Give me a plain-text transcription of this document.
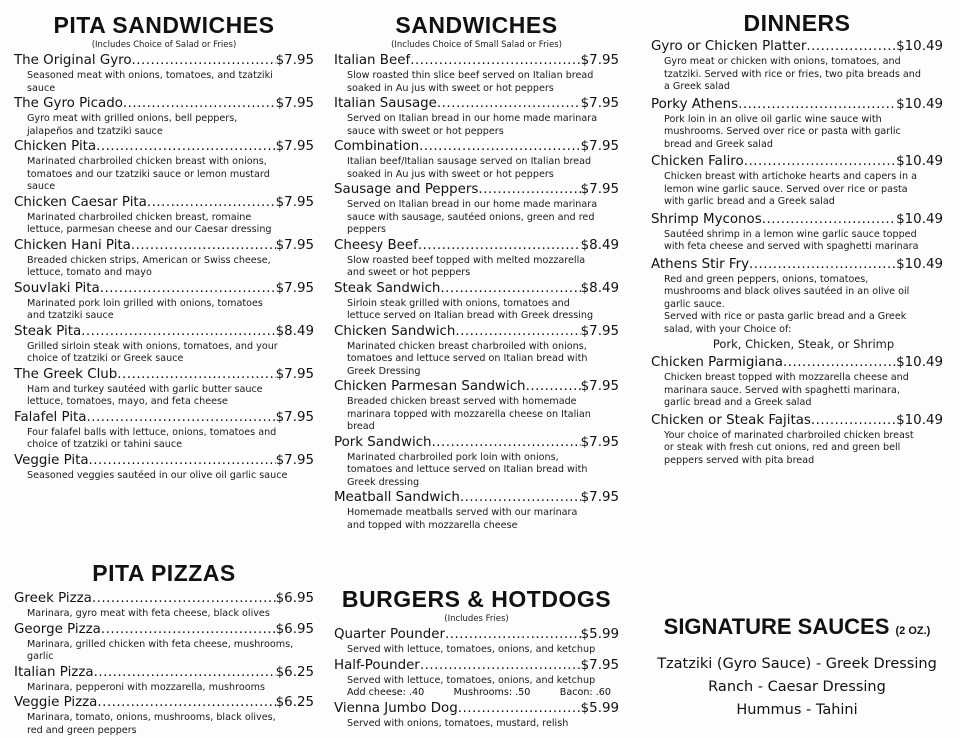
PITA SANDWICHES
(Includes Choice of Salad or Fries)
The Original Gyro .....	$7.95

Seasoned meat with onions, tomatoes, and tzatziki

sauce

The Gyro Picado .....	$7.95

Gyro meat with grilled onions, bell peppers,

jalapeños and tzatziki sauce

Chicken Pita .....	$7.95

Marinated charbroiled chicken breast with onions,

tomatoes and our tzatziki sauce or lemon mustard

sauce

Chicken Caesar Pita .....	$7.95

Marinated charbroiled chicken breast, romaine

lettuce, parmesan cheese and our Caesar dressing

Chicken Hani Pita .....	$7.95

Breaded chicken strips, American or Swiss cheese,

lettuce, tomato and mayo

Souvlaki Pita .....	$7.95

Marinated pork loin grilled with onions, tomatoes

and tzatziki sauce

Steak Pita .....	$8.49

Grilled sirloin steak with onions, tomatoes, and your

choice of tzatziki or Greek sauce

The Greek Club .....	$7.95

Ham and turkey sautéed with garlic butter sauce

lettuce, tomatoes, mayo, and feta cheese

Falafel Pita .....	$7.95

Four falafel balls with lettuce, onions, tomatoes and

choice of tzatziki or tahini sauce

Veggie Pita .....	$7.95

Seasoned veggies sautéed in our olive oil garlic sauce

PITA PIZZAS
Greek Pizza .....	$6.95

Marinara, gyro meat with feta cheese, black olives

George Pizza .....	$6.95

Marinara, grilled chicken with feta cheese, mushrooms,

garlic

Italian Pizza .....	$6.25

Marinara, pepperoni with mozzarella, mushrooms

Veggie Pizza .....	$6.25

Marinara, tomato, onions, mushrooms, black olives,

red and green peppers

SANDWICHES
(Includes Choice of Small Salad or Fries)
Italian Beef .....	$7.95

Slow roasted thin slice beef served on Italian bread

soaked in Au jus with sweet or hot peppers

Italian Sausage .....	$7.95

Served on Italian bread in our home made marinara

sauce with sweet or hot peppers

Combination .....	$7.95

Italian beef/Italian sausage served on Italian bread

soaked in Au jus with sweet or hot peppers

Sausage and Peppers .....	$7.95

Served on Italian bread in our home made marinara

sauce with sausage, sautéed onions, green and red

peppers

Cheesy Beef .....	$8.49

Slow roasted beef topped with melted mozzarella

and sweet or hot peppers

Steak Sandwich .....	$8.49

Sirloin steak grilled with onions, tomatoes and

lettuce served on Italian bread with Greek dressing

Chicken Sandwich .....	$7.95

Marinated chicken breast charbroiled with onions,

tomatoes and lettuce served on Italian bread with

Greek Dressing

Chicken Parmesan Sandwich .....	$7.95

Breaded chicken breast served with homemade

marinara topped with mozzarella cheese on Italian

bread

Pork Sandwich .....	$7.95

Marinated charbroiled pork loin with onions,

tomatoes and lettuce served on Italian bread with

Greek dressing

Meatball Sandwich .....	$7.95

Homemade meatballs served with our marinara

and topped with mozzarella cheese

BURGERS & HOTDOGS
(Includes Fries)
Quarter Pounder .....	$5.99

Served with lettuce, tomatoes, onions, and ketchup

Half-Pounder .....	$7.95

Served with lettuce, tomatoes, onions, and ketchup

Add cheese: .40	Mushrooms: .50	Bacon: .60
Vienna Jumbo Dog .....	$5.99

Served with onions, tomatoes, mustard, relish

DINNERS
Gyro or Chicken Platter .....	$10.49

Gyro meat or chicken with onions, tomatoes, and

tzatziki. Served with rice or fries, two pita breads and

a Greek salad

Porky Athens .....	$10.49

Pork loin in an olive oil garlic wine sauce with

mushrooms. Served over rice or pasta with garlic

bread and Greek salad

Chicken Faliro .....	$10.49

Chicken breast with artichoke hearts and capers in a

lemon wine garlic sauce. Served over rice or pasta

with garlic bread and a Greek salad

Shrimp Myconos .....	$10.49

Sautéed shrimp in a lemon wine garlic sauce topped

with feta cheese and served with spaghetti marinara

Athens Stir Fry .....	$10.49

Red and green peppers, onions, tomatoes,

mushrooms and black olives sautéed in an olive oil

garlic sauce.

Served with rice or pasta garlic bread and a Greek

salad, with your Choice of:

Pork, Chicken, Steak, or Shrimp

Chicken Parmigiana .....	$10.49

Chicken breast topped with mozzarella cheese and

marinara sauce. Served with spaghetti marinara,

garlic bread and a Greek salad

Chicken or Steak Fajitas .....	$10.49

Your choice of marinated charbroiled chicken breast

or steak with fresh cut onions, red and green bell

peppers served with pita bread

SIGNATURE SAUCES (2 OZ.)
Tzatziki (Gyro Sauce) - Greek Dressing
Ranch - Caesar Dressing
Hummus - Tahini
